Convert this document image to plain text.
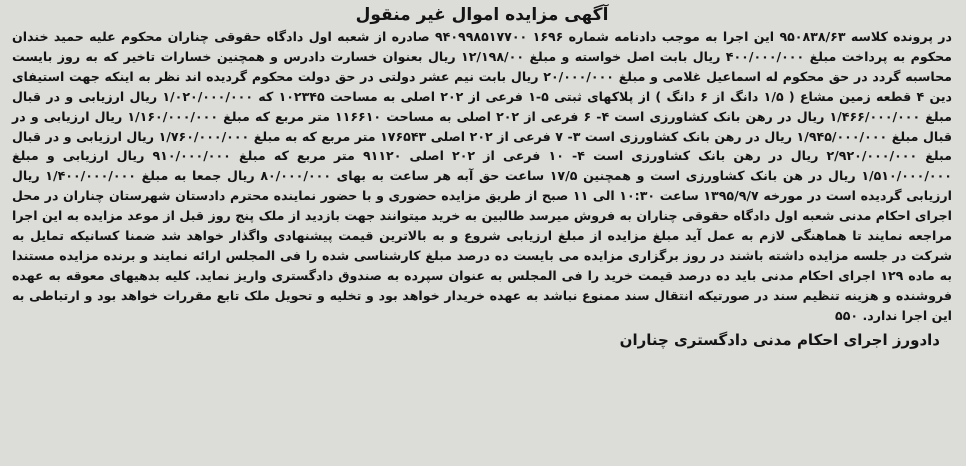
آگهی مزایده اموال غیر منقول

در پرونده کلاسه ۹۵۰۸۳۸/۶۳ این اجرا به موجب دادنامه شماره ۱۶۹۶ ۹۴۰۹۹۸۵۱۷۷۰۰ صادره از شعبه اول دادگاه حقوقی چناران محکوم علیه حمید خندان محکوم به پرداخت مبلغ ۴۰۰/۰۰۰/۰۰۰ ریال بابت اصل خواسته و مبلغ ۱۲/۱۹۸/۰۰ ریال بعنوان خسارت دادرس و همچنین خسارات تاخیر که به روز بایست محاسبه گردد در حق محکوم له اسماعیل غلامی و مبلغ ۲۰/۰۰۰/۰۰۰ ریال بابت نیم عشر دولتی در حق دولت محکوم گردیده اند نظر به اینکه جهت استیفای دین ۴ قطعه زمین مشاع ( ۱/۵ دانگ از ۶ دانگ ) از پلاکهای ثبتی ۵-۱ فرعی از ۲۰۲ اصلی به مساحت ۱۰۲۳۴۵ که ۱/۰۲۰/۰۰۰/۰۰۰ ریال ارزیابی و در قبال مبلغ ۱/۴۶۶/۰۰۰/۰۰۰ ریال در رهن بانک کشاورزی است ۴- ۶ فرعی از ۲۰۲ اصلی به مساحت ۱۱۶۶۱۰ متر مربع که مبلغ ۱/۱۶۰/۰۰۰/۰۰۰ ریال ارزیابی و در قبال مبلغ ۱/۹۴۵/۰۰۰/۰۰۰ ریال در رهن بانک کشاورزی است ۳- ۷ فرعی از ۲۰۲ اصلی ۱۷۶۵۴۳ متر مربع که به مبلغ ۱/۷۶۰/۰۰۰/۰۰۰ ریال ارزیابی و در قبال مبلغ ۲/۹۲۰/۰۰۰/۰۰۰ ریال در رهن بانک کشاورزی است ۴- ۱۰ فرعی از ۲۰۲ اصلی ۹۱۱۲۰ متر مربع که مبلغ ۹۱۰/۰۰۰/۰۰۰ ریال ارزیابی و مبلغ ۱/۵۱۰/۰۰۰/۰۰۰ ریال در هن بانک کشاورزی است و همچنین ۱۷/۵ ساعت حق آبه هر ساعت به بهای ۸۰/۰۰۰/۰۰۰ ریال جمعا به مبلغ ۱/۴۰۰/۰۰۰/۰۰۰ ریال ارزیابی گردیده است در مورخه ۱۳۹۵/۹/۷ ساعت ۱۰:۳۰ الی ۱۱ صبح از طریق مزایده حضوری و با حضور نماینده محترم دادستان شهرستان چناران در محل اجرای احکام مدنی شعبه اول دادگاه حقوقی چناران به فروش میرسد طالبین به خرید میتوانند جهت بازدید از ملک پنج روز قبل از موعد مزایده به این اجرا مراجعه نمایند تا هماهنگی لازم به عمل آید مبلغ مزایده از مبلغ ارزیابی شروع و به بالاترین قیمت پیشنهادی واگذار خواهد شد ضمنا کسانیکه تمایل به شرکت در جلسه مزایده داشته باشند در روز برگزاری مزایده می بایست ده درصد مبلغ کارشناسی شده را فی المجلس ارائه نمایند و برنده مزایده مستندا به ماده ۱۲۹ اجرای احکام مدنی باید ده درصد قیمت خرید را فی المجلس به عنوان سپرده به صندوق دادگستری واریز نماید. کلیه بدهیهای معوقه به عهده فروشنده و هزینه تنظیم سند در صورتیکه انتقال سند ممنوع نباشد به عهده خریدار خواهد بود و تخلیه و تحویل ملک تابع مقررات خواهد بود و ارتباطی به این اجرا ندارد. ۵۵۰

دادورز اجرای احکام مدنی دادگستری چناران
